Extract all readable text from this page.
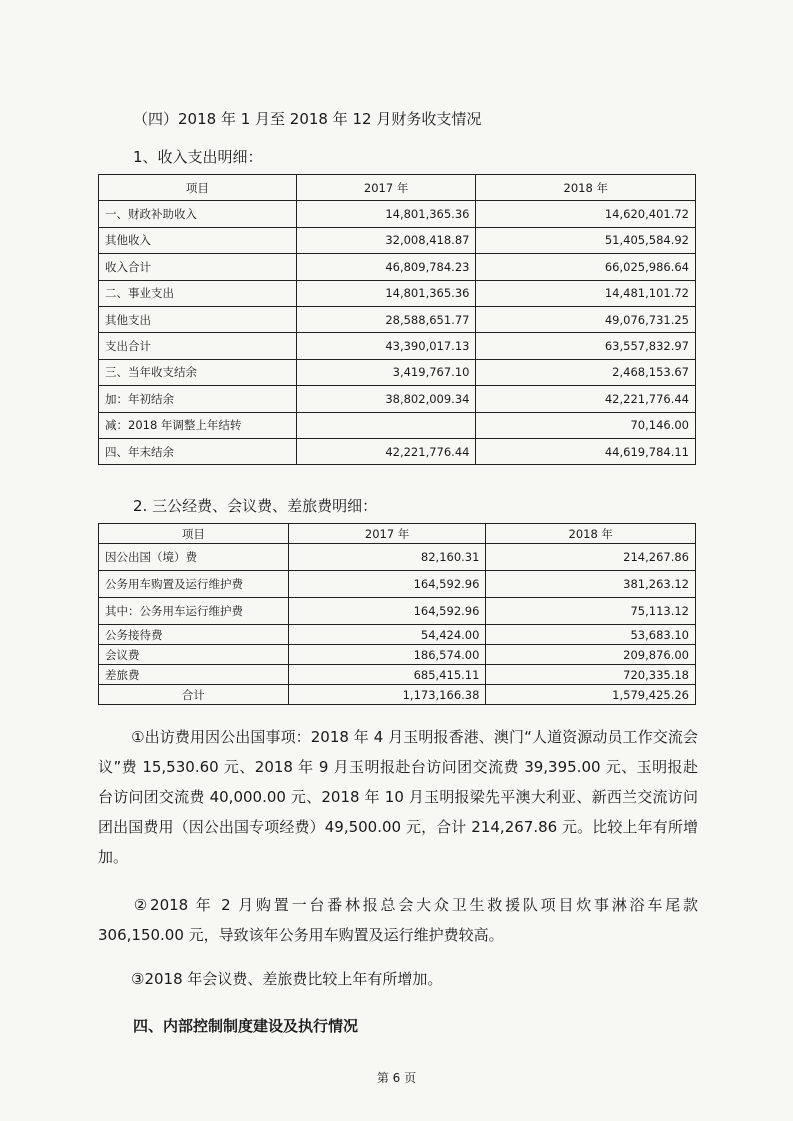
（四）2018 年 1 月至 2018 年 12 月财务收支情况
1、收入支出明细：
项目	2017 年	2018 年
一、财政补助收入	14,801,365.36	14,620,401.72
其他收入	32,008,418.87	51,405,584.92
收入合计	46,809,784.23	66,025,986.64
二、事业支出	14,801,365.36	14,481,101.72
其他支出	28,588,651.77	49,076,731.25
支出合计	43,390,017.13	63,557,832.97
三、当年收支结余	3,419,767.10	2,468,153.67
加：年初结余	38,802,009.34	42,221,776.44
减：2018 年调整上年结转		70,146.00
四、年末结余	42,221,776.44	44,619,784.11
2. 三公经费、会议费、差旅费明细：
项目	2017 年	2018 年
因公出国（境）费	82,160.31	214,267.86
公务用车购置及运行维护费	164,592.96	381,263.12
其中：公务用车运行维护费	164,592.96	75,113.12
公务接待费	54,424.00	53,683.10
会议费	186,574.00	209,876.00
差旅费	685,415.11	720,335.18
合计	1,173,166.38	1,579,425.26

①出访费用因公出国事项：2018 年 4 月玉明报香港、澳门“人道资源动员工作交流会议”费 15,530.60 元、2018 年 9 月玉明报赴台访问团交流费 39,395.00 元、玉明报赴台访问团交流费 40,000.00 元、2018 年 10 月玉明报梁先平澳大利亚、新西兰交流访问团出国费用（因公出国专项经费）49,500.00 元，合计 214,267.86 元。比较上年有所增加。

②2018 年 2 月购置一台番林报总会大众卫生救援队项目炊事淋浴车尾款 306,150.00 元，导致该年公务用车购置及运行维护费较高。

③2018 年会议费、差旅费比较上年有所增加。

四、内部控制制度建设及执行情况
第 6 页
